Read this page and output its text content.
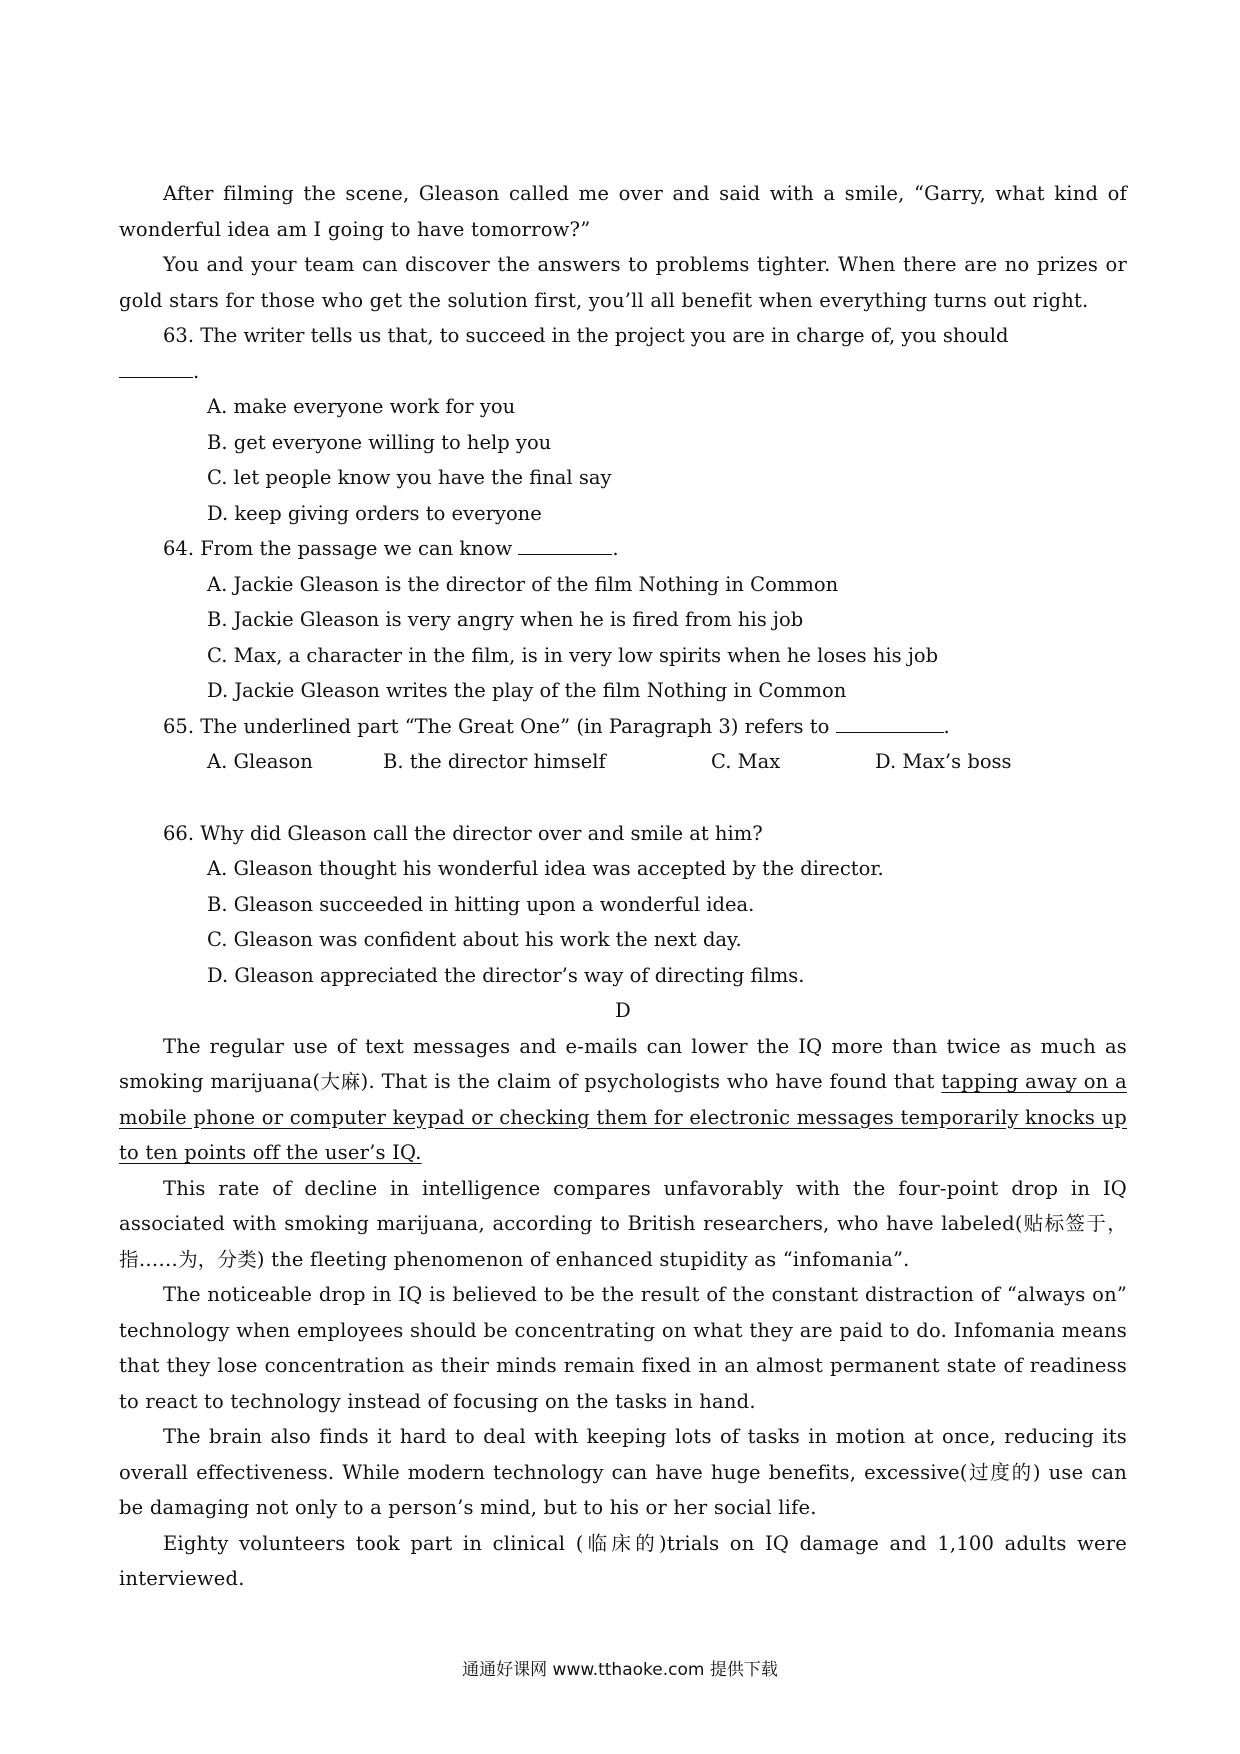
After filming the scene, Gleason called me over and said with a smile, “Garry, what kind of wonderful idea am I going to have tomorrow?”

You and your team can discover the answers to problems tighter. When there are no prizes or gold stars for those who get the solution first, you’ll all benefit when everything turns out right.

63. The writer tells us that, to succeed in the project you are in charge of, you should

.

A. make everyone work for you

B. get everyone willing to help you

C. let people know you have the final say

D. keep giving orders to everyone

64. From the passage we can know	.

A. Jackie Gleason is the director of the film Nothing in Common

B. Jackie Gleason is very angry when he is fired from his job

C. Max, a character in the film, is in very low spirits when he loses his job

D. Jackie Gleason writes the play of the film Nothing in Common

65. The underlined part “The Great One” (in Paragraph 3) refers to	.

A. Gleason	B. the director himself	C. Max	D. Max’s boss

66. Why did Gleason call the director over and smile at him?

A. Gleason thought his wonderful idea was accepted by the director.

B. Gleason succeeded in hitting upon a wonderful idea.

C. Gleason was confident about his work the next day.

D. Gleason appreciated the director’s way of directing films.

D

The regular use of text messages and e-mails can lower the IQ more than twice as much as smoking marijuana(大麻). That is the claim of psychologists who have found that tapping away on a mobile phone or computer keypad or checking them for electronic messages temporarily knocks up to ten points off the user’s IQ.

This rate of decline in intelligence compares unfavorably with the four-point drop in IQ associated with smoking marijuana, according to British researchers, who have labeled(贴标签于，指……为，分类) the fleeting phenomenon of enhanced stupidity as “infomania”.

The noticeable drop in IQ is believed to be the result of the constant distraction of “always on” technology when employees should be concentrating on what they are paid to do. Infomania means that they lose concentration as their minds remain fixed in an almost permanent state of readiness to react to technology instead of focusing on the tasks in hand.

The brain also finds it hard to deal with keeping lots of tasks in motion at once, reducing its overall effectiveness. While modern technology can have huge benefits, excessive(过度的) use can be damaging not only to a person’s mind, but to his or her social life.

Eighty volunteers took part in clinical (临床的)trials on IQ damage and 1,100 adults were interviewed.

通通好课网 www.tthaoke.com 提供下载
